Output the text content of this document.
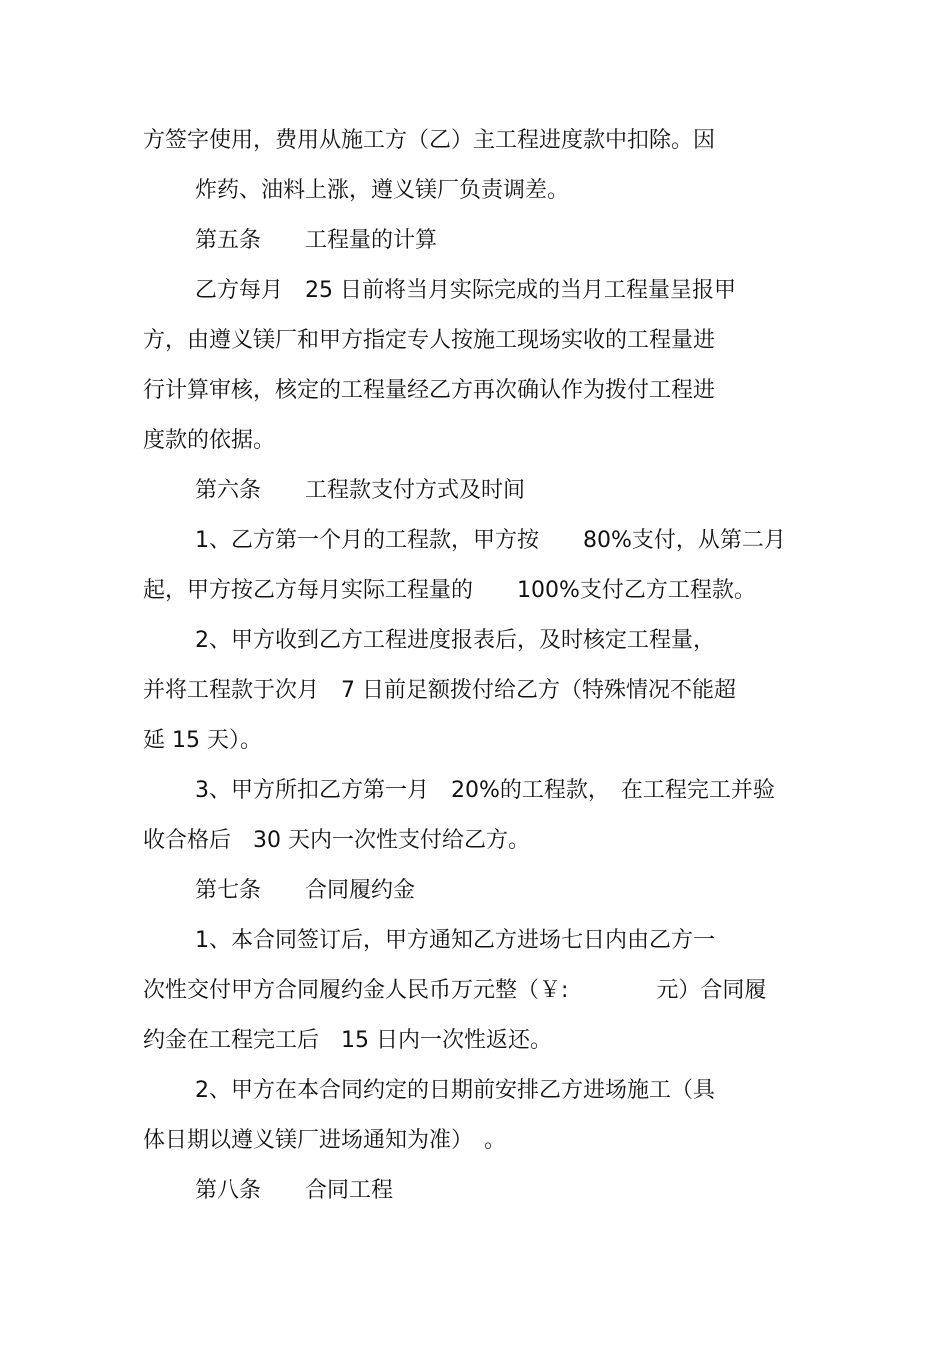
方签字使用，费用从施工方（乙）主工程进度款中扣除。因
炸药、油料上涨，遵义镁厂负责调差。
第五条　　工程量的计算
乙方每月　25 日前将当月实际完成的当月工程量呈报甲
方，由遵义镁厂和甲方指定专人按施工现场实收的工程量进
行计算审核，核定的工程量经乙方再次确认作为拨付工程进
度款的依据。
第六条　　工程款支付方式及时间
1、乙方第一个月的工程款，甲方按　　80%支付，从第二月
起，甲方按乙方每月实际工程量的　　100%支付乙方工程款。
2、甲方收到乙方工程进度报表后，及时核定工程量，
并将工程款于次月　7 日前足额拨付给乙方（特殊情况不能超
延 15 天）。
3、甲方所扣乙方第一月　20%的工程款，　在工程完工并验
收合格后　30 天内一次性支付给乙方。
第七条　　合同履约金
1、本合同签订后，甲方通知乙方进场七日内由乙方一
次性交付甲方合同履约金人民币万元整（￥:　　　　元）合同履
约金在工程完工后　15 日内一次性返还。
2、甲方在本合同约定的日期前安排乙方进场施工（具
体日期以遵义镁厂进场通知为准）　。
第八条　　合同工程
